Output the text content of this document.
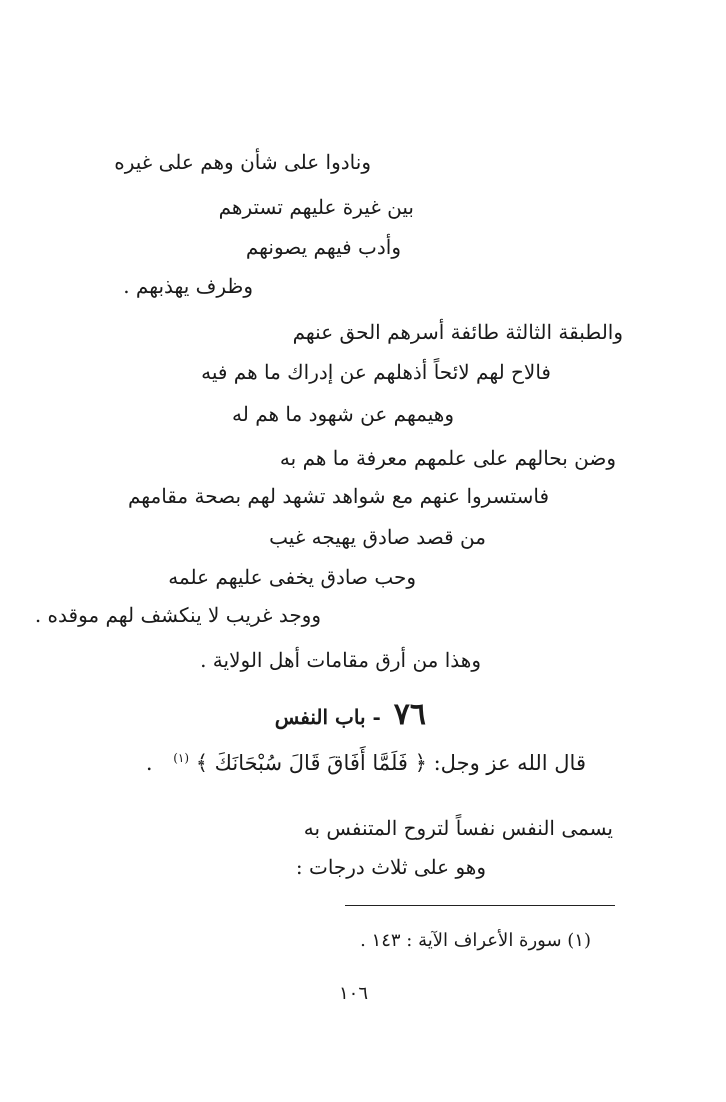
ونادوا على شأن وهم على غيره
بين غيرة عليهم تسترهم
وأدب فيهم يصونهم
وظرف يهذبهم .
والطبقة الثالثة طائفة أسرهم الحق عنهم
فالاح لهم لائحاً أذهلهم عن إدراك ما هم فيه
وهيمهم عن شهود ما هم له
وضن بحالهم على علمهم معرفة ما هم به
فاستسروا عنهم مع شواهد تشهد لهم بصحة مقامهم
من قصد صادق يهيجه غيب
وحب صادق يخفى عليهم علمه
ووجد غريب لا ينكشف لهم موقده .
وهذا من أرق مقامات أهل الولاية .
٧٦ - باب النفس
قال الله عز وجل: ﴿ فَلَمَّا أَفَاقَ قَالَ سُبْحَانَكَ ﴾ $^{(١)}$ .
يسمى النفس نفساً لتروح المتنفس به
وهو على ثلاث درجات :
(١) سورة الأعراف الآية : ١٤٣ .
١٠٦
